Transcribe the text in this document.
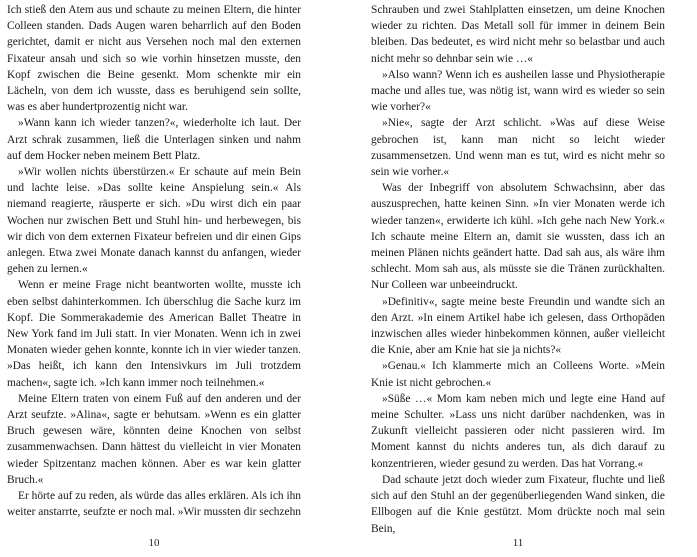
Ich stieß den Atem aus und schaute zu meinen Eltern, die hinter Colleen standen. Dads Augen waren beharrlich auf den Boden gerichtet, damit er nicht aus Versehen noch mal den externen Fixateur ansah und sich so wie vorhin hinsetzen musste, den Kopf zwischen die Beine gesenkt. Mom schenkte mir ein Lächeln, von dem ich wusste, dass es beruhigend sein sollte, was es aber hundertprozentig nicht war.

»Wann kann ich wieder tanzen?«, wiederholte ich laut. Der Arzt schrak zusammen, ließ die Unterlagen sinken und nahm auf dem Hocker neben meinem Bett Platz.

»Wir wollen nichts überstürzen.« Er schaute auf mein Bein und lachte leise. »Das sollte keine Anspielung sein.« Als niemand reagierte, räusperte er sich. »Du wirst dich ein paar Wochen nur zwischen Bett und Stuhl hin- und herbewegen, bis wir dich von dem externen Fixateur befreien und dir einen Gips anlegen. Etwa zwei Monate danach kannst du anfangen, wieder gehen zu lernen.«

Wenn er meine Frage nicht beantworten wollte, musste ich eben selbst dahinterkommen. Ich überschlug die Sache kurz im Kopf. Die Sommerakademie des American Ballet Theatre in New York fand im Juli statt. In vier Monaten. Wenn ich in zwei Monaten wieder gehen konnte, konnte ich in vier wieder tanzen. »Das heißt, ich kann den Intensivkurs im Juli trotzdem machen«, sagte ich. »Ich kann immer noch teilnehmen.«

Meine Eltern traten von einem Fuß auf den anderen und der Arzt seufzte. »Alina«, sagte er behutsam. »Wenn es ein glatter Bruch gewesen wäre, könnten deine Knochen von selbst zusammenwachsen. Dann hättest du vielleicht in vier Monaten wieder Spitzentanz machen können. Aber es war kein glatter Bruch.«

Er hörte auf zu reden, als würde das alles erklären. Als ich ihn weiter anstarrte, seufzte er noch mal. »Wir mussten dir sechzehn

10

Schrauben und zwei Stahlplatten einsetzen, um deine Knochen wieder zu richten. Das Metall soll für immer in deinem Bein bleiben. Das bedeutet, es wird nicht mehr so belastbar und auch nicht mehr so dehnbar sein wie …«

»Also wann? Wenn ich es ausheilen lasse und Physiotherapie mache und alles tue, was nötig ist, wann wird es wieder so sein wie vorher?«

»Nie«, sagte der Arzt schlicht. »Was auf diese Weise gebrochen ist, kann man nicht so leicht wieder zusammensetzen. Und wenn man es tut, wird es nicht mehr so sein wie vorher.«

Was der Inbegriff von absolutem Schwachsinn, aber das auszusprechen, hatte keinen Sinn. »In vier Monaten werde ich wieder tanzen«, erwiderte ich kühl. »Ich gehe nach New York.« Ich schaute meine Eltern an, damit sie wussten, dass ich an meinen Plänen nichts geändert hatte. Dad sah aus, als wäre ihm schlecht. Mom sah aus, als müsste sie die Tränen zurückhalten. Nur Colleen war unbeeindruckt.

»Definitiv«, sagte meine beste Freundin und wandte sich an den Arzt. »In einem Artikel habe ich gelesen, dass Orthopäden inzwischen alles wieder hinbekommen können, außer vielleicht die Knie, aber am Knie hat sie ja nichts?«

»Genau.« Ich klammerte mich an Colleens Worte. »Mein Knie ist nicht gebrochen.«

»Süße …« Mom kam neben mich und legte eine Hand auf meine Schulter. »Lass uns nicht darüber nachdenken, was in Zukunft vielleicht passieren oder nicht passieren wird. Im Moment kannst du nichts anderes tun, als dich darauf zu konzentrieren, wieder gesund zu werden. Das hat Vorrang.«

Dad schaute jetzt doch wieder zum Fixateur, fluchte und ließ sich auf den Stuhl an der gegenüberliegenden Wand sinken, die Ellbogen auf die Knie gestützt. Mom drückte noch mal sein Bein,

11
